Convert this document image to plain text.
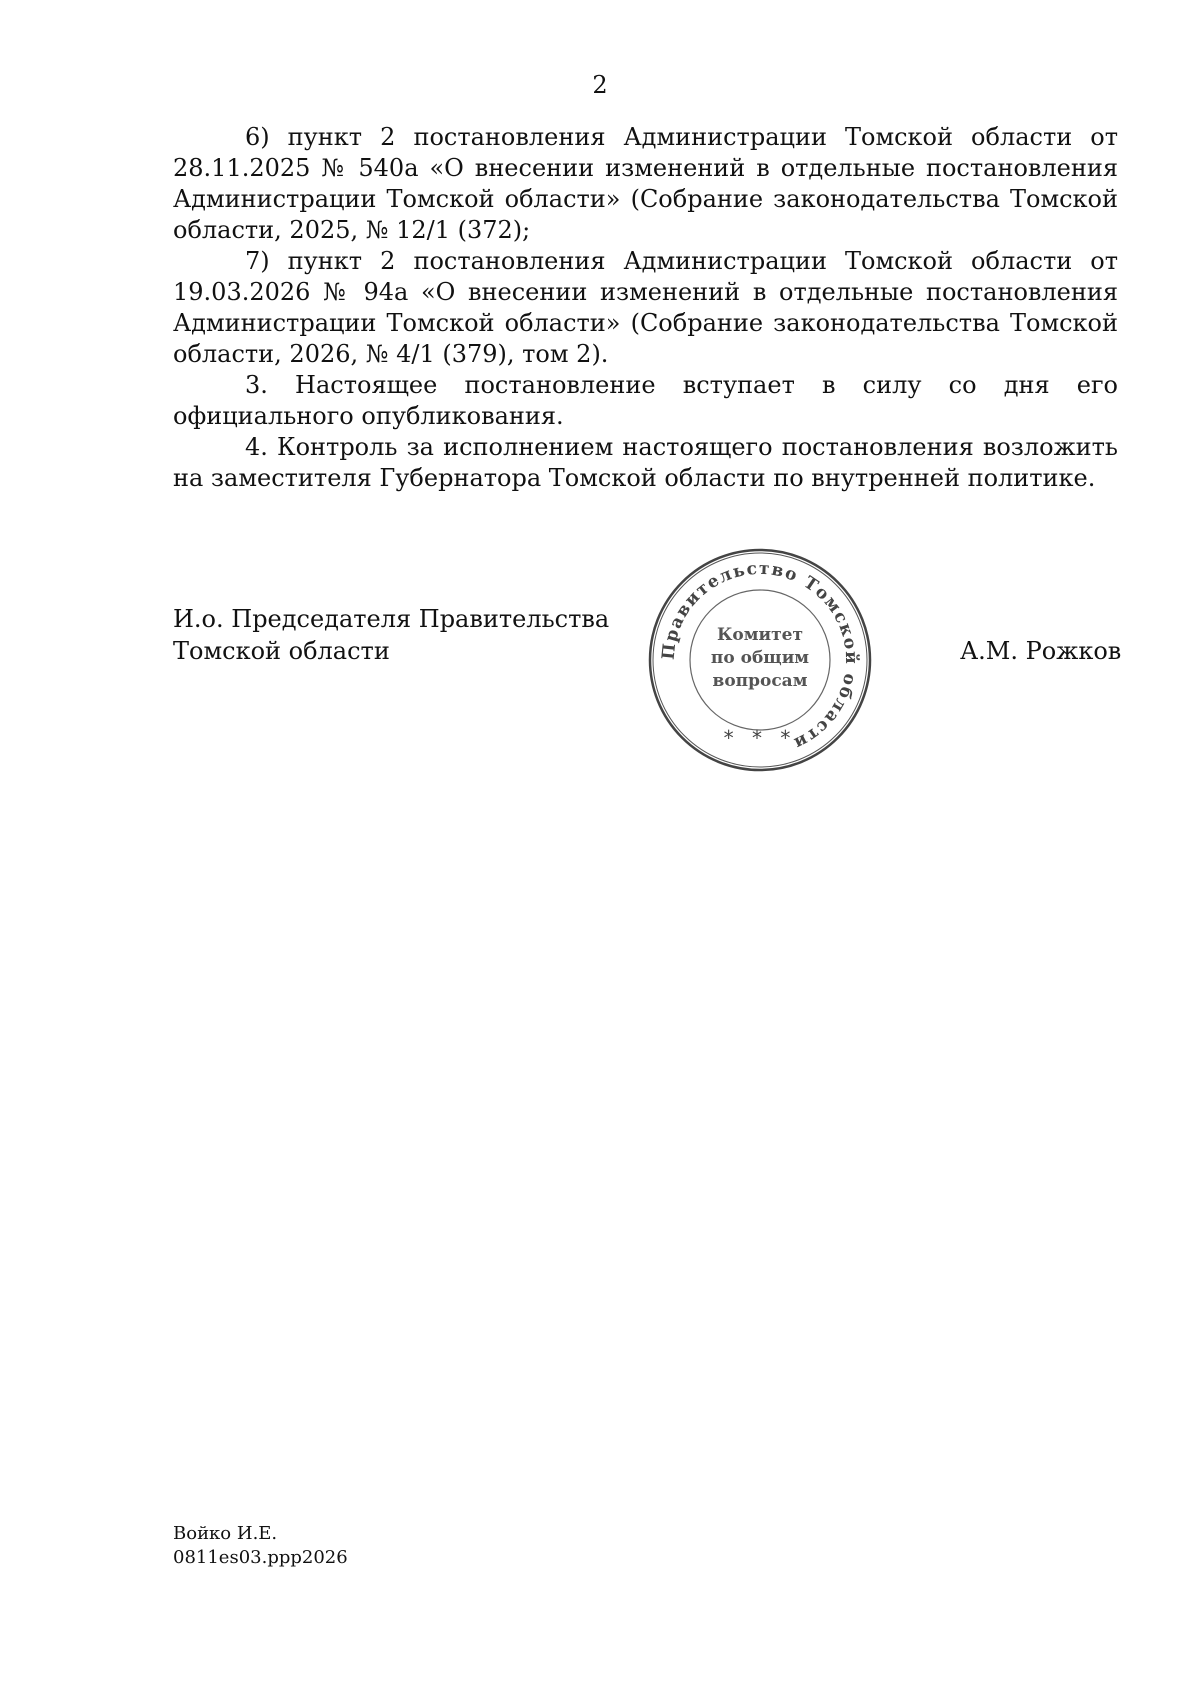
2

6) пункт 2 постановления Администрации Томской области от 28.11.2025 № 540а «О внесении изменений в отдельные постановления Администрации Томской области» (Собрание законодательства Томской области, 2025, № 12/1 (372);

7) пункт 2 постановления Администрации Томской области от 19.03.2026 № 94а «О внесении изменений в отдельные постановления Администрации Томской области» (Собрание законодательства Томской области, 2026, № 4/1 (379), том 2).

3. Настоящее постановление вступает в силу со дня его официального опубликования.

4. Контроль за исполнением настоящего постановления возложить на заместителя Губернатора Томской области по внутренней политике.

И.о. Председателя Правительства
Томской области	Правительство Томской области
Комитет
по общим
вопросам
* * *
А.М. Рожков
Войко И.Е.
0811es03.ppp2026
